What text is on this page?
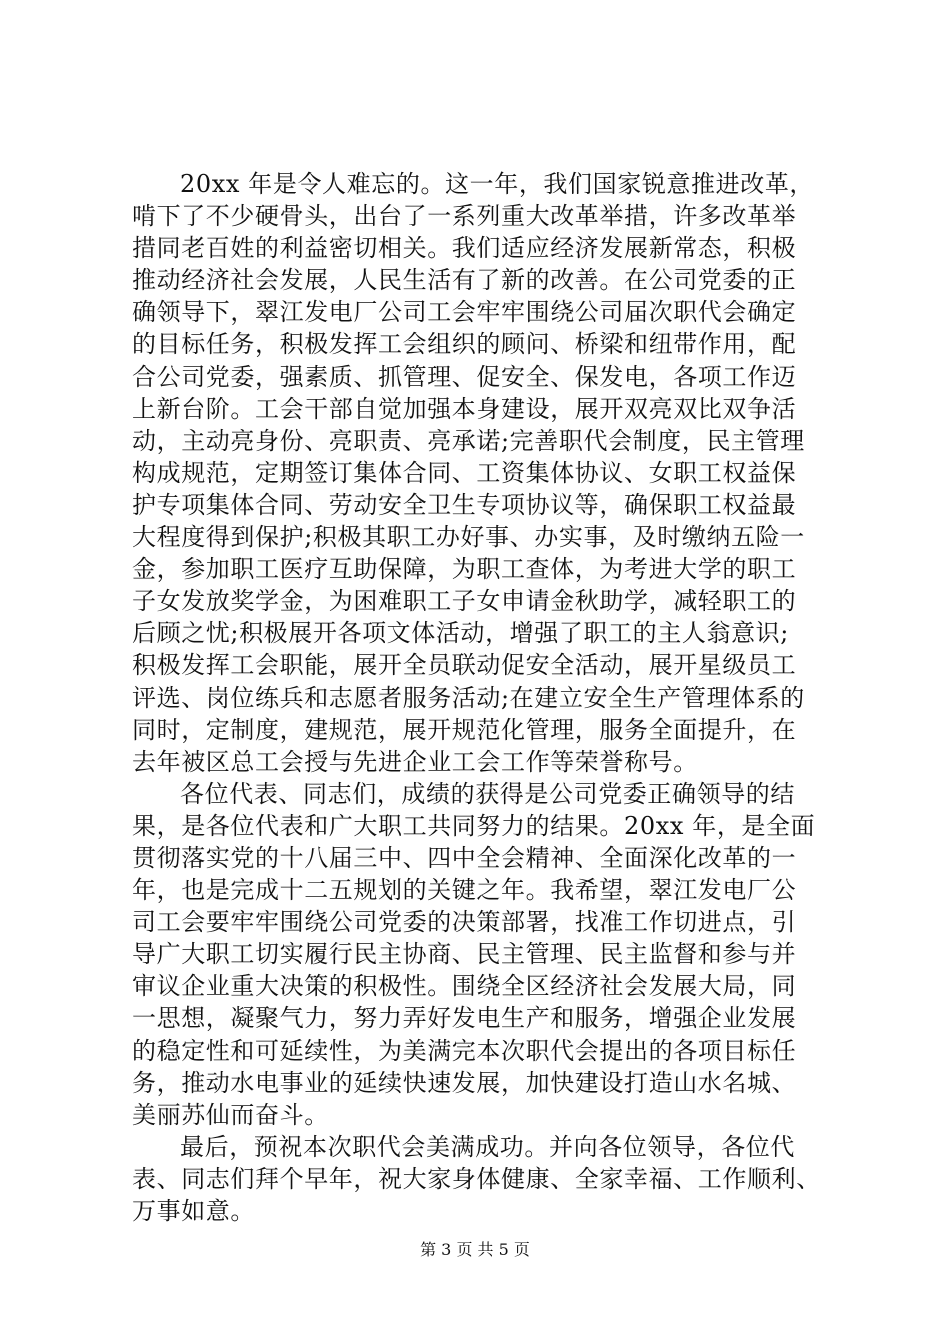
20xx 年是令人难忘的。这一年，我们国家锐意推进改革，
啃下了不少硬骨头，出台了一系列重大改革举措，许多改革举
措同老百姓的利益密切相关。我们适应经济发展新常态，积极
推动经济社会发展，人民生活有了新的改善。在公司党委的正
确领导下，翠江发电厂公司工会牢牢围绕公司届次职代会确定
的目标任务，积极发挥工会组织的顾问、桥梁和纽带作用，配
合公司党委，强素质、抓管理、促安全、保发电，各项工作迈
上新台阶。工会干部自觉加强本身建设，展开双亮双比双争活
动，主动亮身份、亮职责、亮承诺;完善职代会制度，民主管理
构成规范，定期签订集体合同、工资集体协议、女职工权益保
护专项集体合同、劳动安全卫生专项协议等，确保职工权益最
大程度得到保护;积极其职工办好事、办实事，及时缴纳五险一
金，参加职工医疗互助保障，为职工查体，为考进大学的职工
子女发放奖学金，为困难职工子女申请金秋助学，减轻职工的
后顾之忧;积极展开各项文体活动，增强了职工的主人翁意识;
积极发挥工会职能，展开全员联动促安全活动，展开星级员工
评选、岗位练兵和志愿者服务活动;在建立安全生产管理体系的
同时，定制度，建规范，展开规范化管理，服务全面提升，在
去年被区总工会授与先进企业工会工作等荣誉称号。
各位代表、同志们，成绩的获得是公司党委正确领导的结
果，是各位代表和广大职工共同努力的结果。20xx 年，是全面
贯彻落实党的十八届三中、四中全会精神、全面深化改革的一
年，也是完成十二五规划的关键之年。我希望，翠江发电厂公
司工会要牢牢围绕公司党委的决策部署，找准工作切进点，引
导广大职工切实履行民主协商、民主管理、民主监督和参与并
审议企业重大决策的积极性。围绕全区经济社会发展大局，同
一思想，凝聚气力，努力弄好发电生产和服务，增强企业发展
的稳定性和可延续性，为美满完本次职代会提出的各项目标任
务，推动水电事业的延续快速发展，加快建设打造山水名城、
美丽苏仙而奋斗。
最后，预祝本次职代会美满成功。并向各位领导，各位代
表、同志们拜个早年，祝大家身体健康、全家幸福、工作顺利、
万事如意。
第 3 页 共 5 页
